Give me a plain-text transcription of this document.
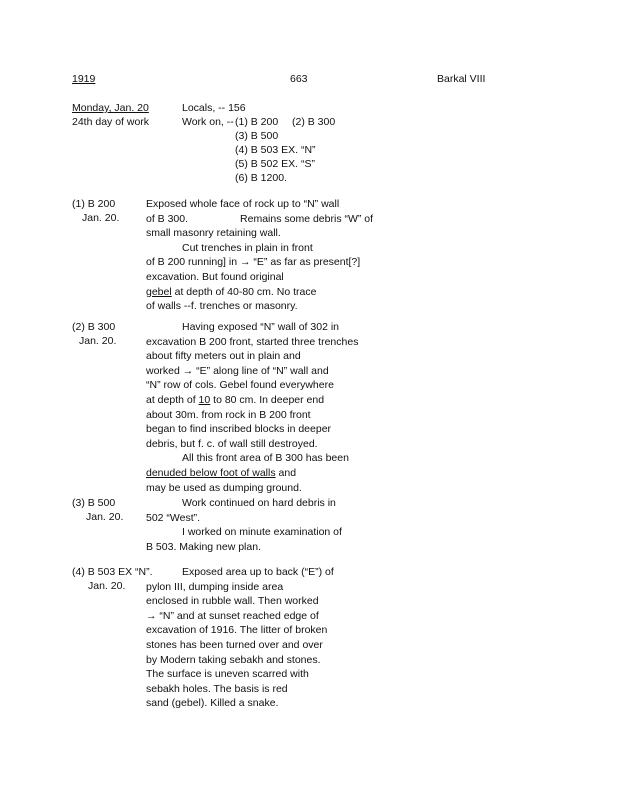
1919	663	Barkal VIII
Monday, Jan. 20
24th day of work
Locals, -- 156
Work on, -- (1) B 200 (2) B 300
(3) B 500
(4) B 503 EX. “N”
(5) B 502 EX. “S”
(6) B 1200.
(1) B 200
Jan. 20.
Exposed whole face of rock up to “N” wall
of B 300.	Remains some debris “W” of
small masonry retaining wall.
Cut trenches in plain in front
of B 200 running] in → “E” as far as present[?]
excavation. But found original
gebel at depth of 40-80 cm. No trace
of walls --f. trenches or masonry.
(2) B 300
Jan. 20.
Having exposed “N” wall of 302 in
excavation B 200 front, started three trenches
about fifty meters out in plain and
worked → “E” along line of “N” wall and
“N” row of cols. Gebel found everywhere
at depth of 10 to 80 cm. In deeper end
about 30m. from rock in B 200 front
began to find inscribed blocks in deeper
debris, but f. c. of wall still destroyed.
All this front area of B 300 has been
denuded below foot of walls and
may be used as dumping ground.
(3) B 500
Jan. 20.
Work continued on hard debris in
502 “West”.
I worked on minute examination of
B 503. Making new plan.
(4) B 503 EX “N”.
Jan. 20.
Exposed area up to back (“E”) of
pylon III, dumping inside area
enclosed in rubble wall. Then worked
→ “N” and at sunset reached edge of
excavation of 1916. The litter of broken
stones has been turned over and over
by Modern taking sebakh and stones.
The surface is uneven scarred with
sebakh holes. The basis is red
sand (gebel). Killed a snake.
